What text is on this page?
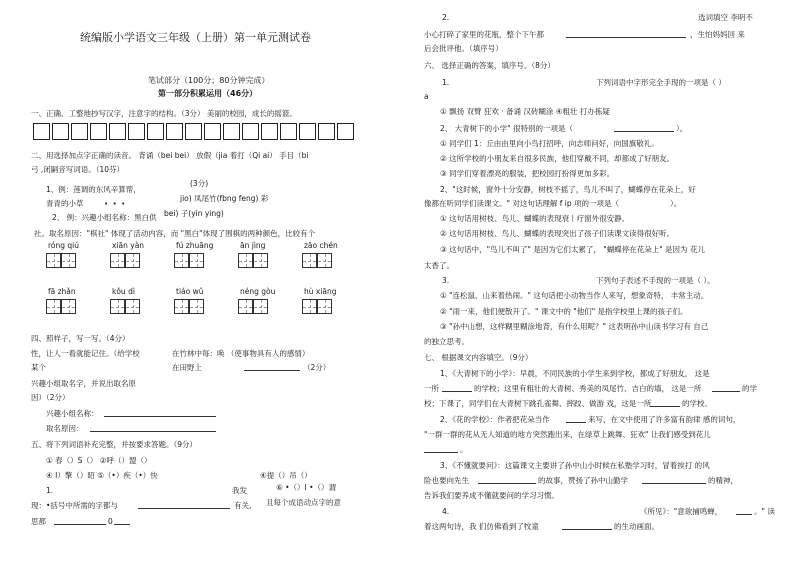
统编版小学语文三年级（上册）第一单元测试卷
笔试部分（100分；80分钟完成）
第一部分积累运用（46分）
一、正确、工整地抄写汉字，注意字的结构。（3分） 美丽的校园，成长的摇篮。
二、用选择加点字正确的读音。 背诵（bei bei） 放假（jia 着打（Qi ai） 手目（bi
弓 ,闭嗣音写词语。（10芬）
1、例：莲调的东风辛算帮，
(3分)
青青的小草	•  •  •
jio) 凤尾竹(fbng feng) 彩
2、 例：兴趣小组名称：黑白供 bei) 子(yin ying)
社。取名原因："棋社" 体现了活动内容，而 "黑白"体现了围棋的两种颜色，比较有个
róng qiú	xiān yàn	fú zhuāng	ān jìng	zāo chén
fā zhǎn	kǒu dì	tiáo wǔ	néng gòu	hù xiāng
四、照样子，写一写。（4分）
性，让人一看就能记住。（给学校	在竹林中每：唤 （使事物具有人的感情）
某个	在田野上	（2分）
兴趣小组取名字，并说出取名原
因）（2分）
兴趣小组名称：
取名原因：
五、将下列词语补充完整，并按要求答题。（9分）
① 春（）S（） ②呼（）盟（）
④ I）擎（）昭 ⑤（•）疾（•）快	④提（）吊（）
1.	我发	⑥ •（）I •（）谓
现：•括号中所需的字都与	有关, 且每个成语动点字的意
思都	0
2.	选词填空 李明不
小心打碎了家里的花瓶，整个下午都	，生怕妈妈回 来
后会批评他。（填序号）
六、 选择正确的答案，填序号。（8分）
1.	下列词语中字形完全手现的一项是（ ）
a
① 飘扬 双臂 狂欢 · 备诵 汉砖糊涂 ④粗壮 打办拣疑
2、 大青树下的小学" 很特别的一项是（	）。
① 同学们 1：丘由由里向小鸟打招呼，向志师问好，向国旗敬礼。
② 这所学校的小朋友来自很多民族，他们穿戴不同，却都成了好朋友。
③ 同学们穿着漂亮的服装，把校园打扮得更加多彩。
2、"这时候，窗外十分安静，树枝不摇了，鸟儿不叫了，蝴蝶停在花朵上，好
像都在听同学们读课文。" 对这句话理解 f ip 项的一项是（	）。
① 这句话用树枝、鸟儿、蝴蝶的表现衰丨疗窗外很安静。
② 这句话用树枝、鸟儿、蝴蝶的表现突出了孩子们读课文读得很好听。
③ 这句话中，"鸟儿不叫了" 是因为它们太累了， "蝴蝶停在花朵上" 是因为 花儿
太香了。
3.	下列句子表述不手现的一项是（ ）。
① "连松鼠、山来着热闹。" 这句话把小动物当作人来写，想象奇特， 丰常主动。
② "雨一来，他们便散开了。" 课文中的 "他们" 是指学校里上课的孩子们。
③ "孙中山想，这样糊里糊涂地背，有什么用呢？" 这表明孙中山读书学习有 自己
的独立思考。
七、 根据课文内容填空。（9分）
1、《大青树下的小学》：早晨，不同民族的小学生来到学校，都成了好朋友， 这是
一所	的学校；这里有粗壮的大青树、秀美的凤尾竹、吉白的墙， 这是一所	的学
校；下课了，同学们在大青树下跳孔雀舞、摔跤、做游 戏，这是一所	的学校。
2、《花的学校》：作者把花朵当作	来写，在文中使用了许多富有韵律 感的词句，
"一群一群的花从无人知道的地方突然跑出来，在绿草上跳舞、狂欢" 让我们感受到花儿
。
3、《不懂就要问》：这篇课文主要讲了孙中山小时候在私塾学习时，冒着挨打 的风
险也要向先生	的故事，赞扬了孙中山勤学	的精神，
告诉我们要养成不懂就要问的学习习惯。
4.	《所见》："意欲捕鸣蝉，	。" 读
着这两句诗，我 们仿佛看到了牧童	的生动画面。
